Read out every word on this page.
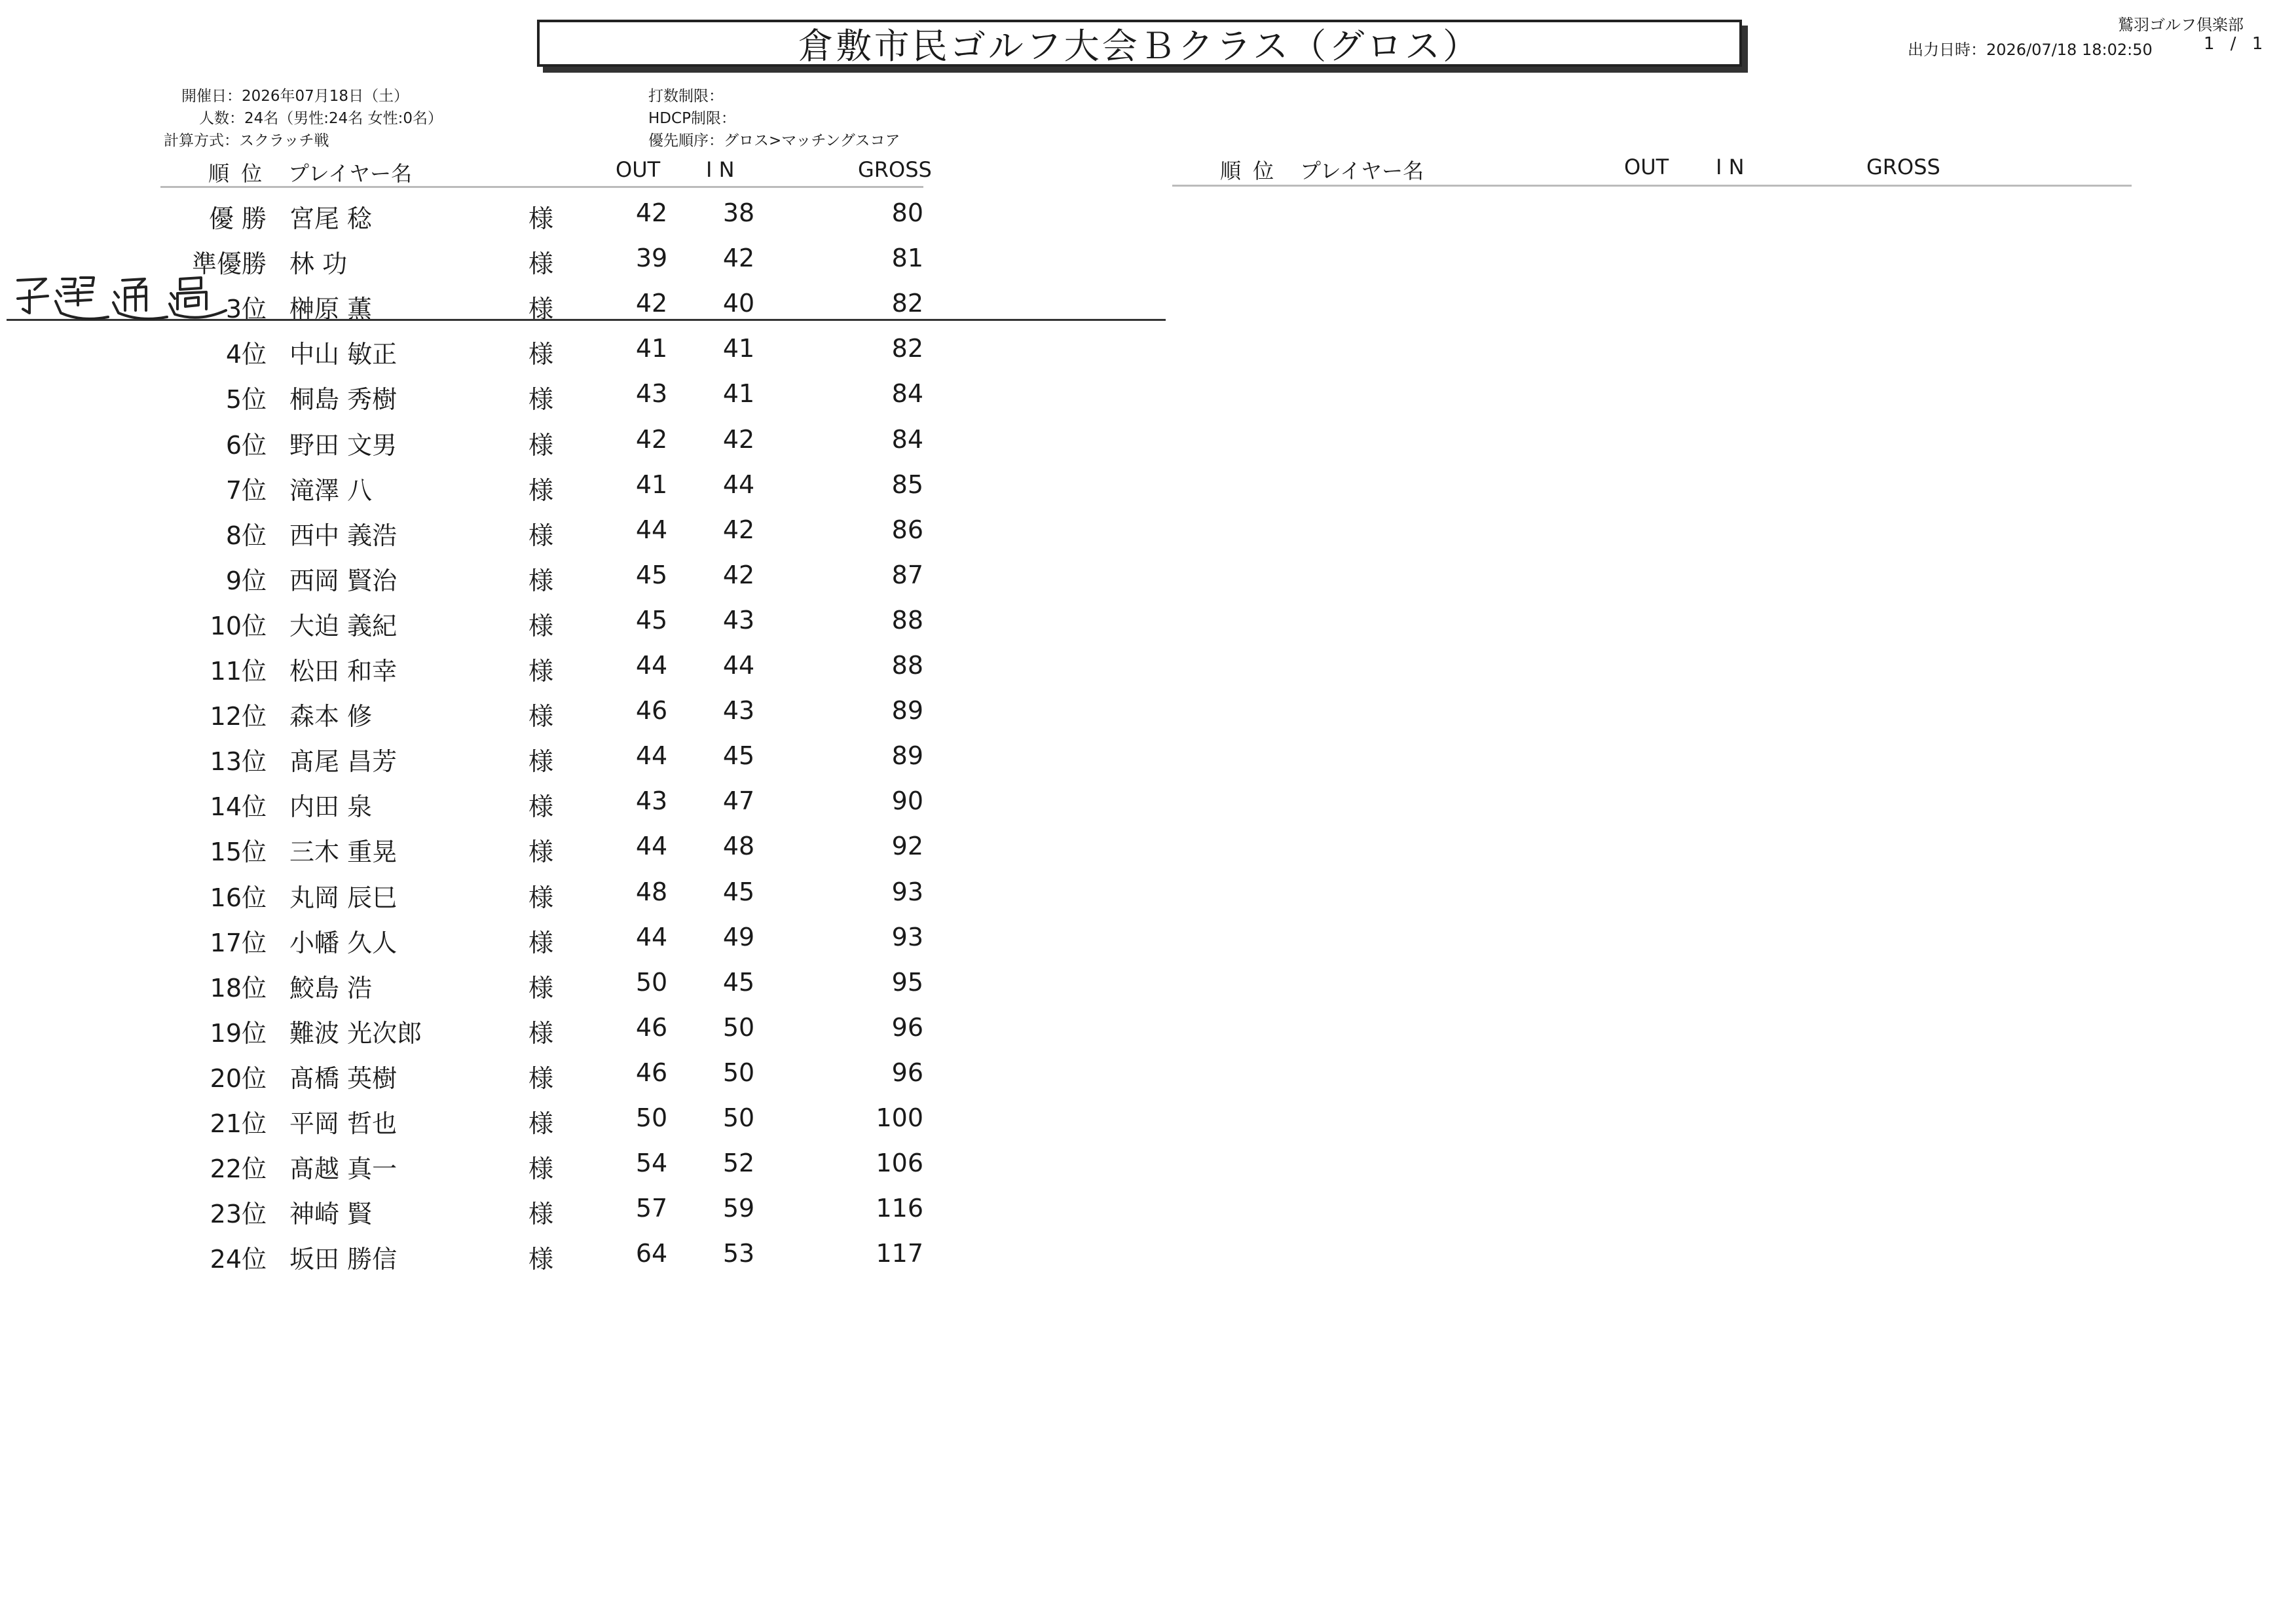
倉敷市民ゴルフ大会Ｂクラス（グロス）
鷲羽ゴルフ倶楽部
出力日時：2026/07/18 18:02:50	1 / 1
開催日：2026年07月18日（土）
人数：24名（男性:24名 女性:0名）
計算方式：スクラッチ戦
打数制限：
HDCP制限：
優先順序：グロス>マッチングスコア
順 位 プレイヤー名	OUT I N	GROSS	順 位 プレイヤー名	OUT I N	GROSS
優 勝 宮尾 稔	様	42	38	80
準優勝 林 功	様	39	42	81
3位 榊原 薫	様	42	40	82
4位 中山 敏正	様	41	41	82
5位 桐島 秀樹	様	43	41	84
6位 野田 文男	様	42	42	84
7位 滝澤 八	様	41	44	85
8位 西中 義浩	様	44	42	86
9位 西岡 賢治	様	45	42	87
10位 大迫 義紀	様	45	43	88
11位 松田 和幸	様	44	44	88
12位 森本 修	様	46	43	89
13位 髙尾 昌芳	様	44	45	89
14位 内田 泉	様	43	47	90
15位 三木 重晃	様	44	48	92
16位 丸岡 辰巳	様	48	45	93
17位 小幡 久人	様	44	49	93
18位 鮫島 浩	様	50	45	95
19位 難波 光次郎	様	46	50	96
20位 髙橋 英樹	様	46	50	96
21位 平岡 哲也	様	50	50	100
22位 髙越 真一	様	54	52	106
23位 神崎 賢	様	57	59	116
24位 坂田 勝信	様	64	53	117
